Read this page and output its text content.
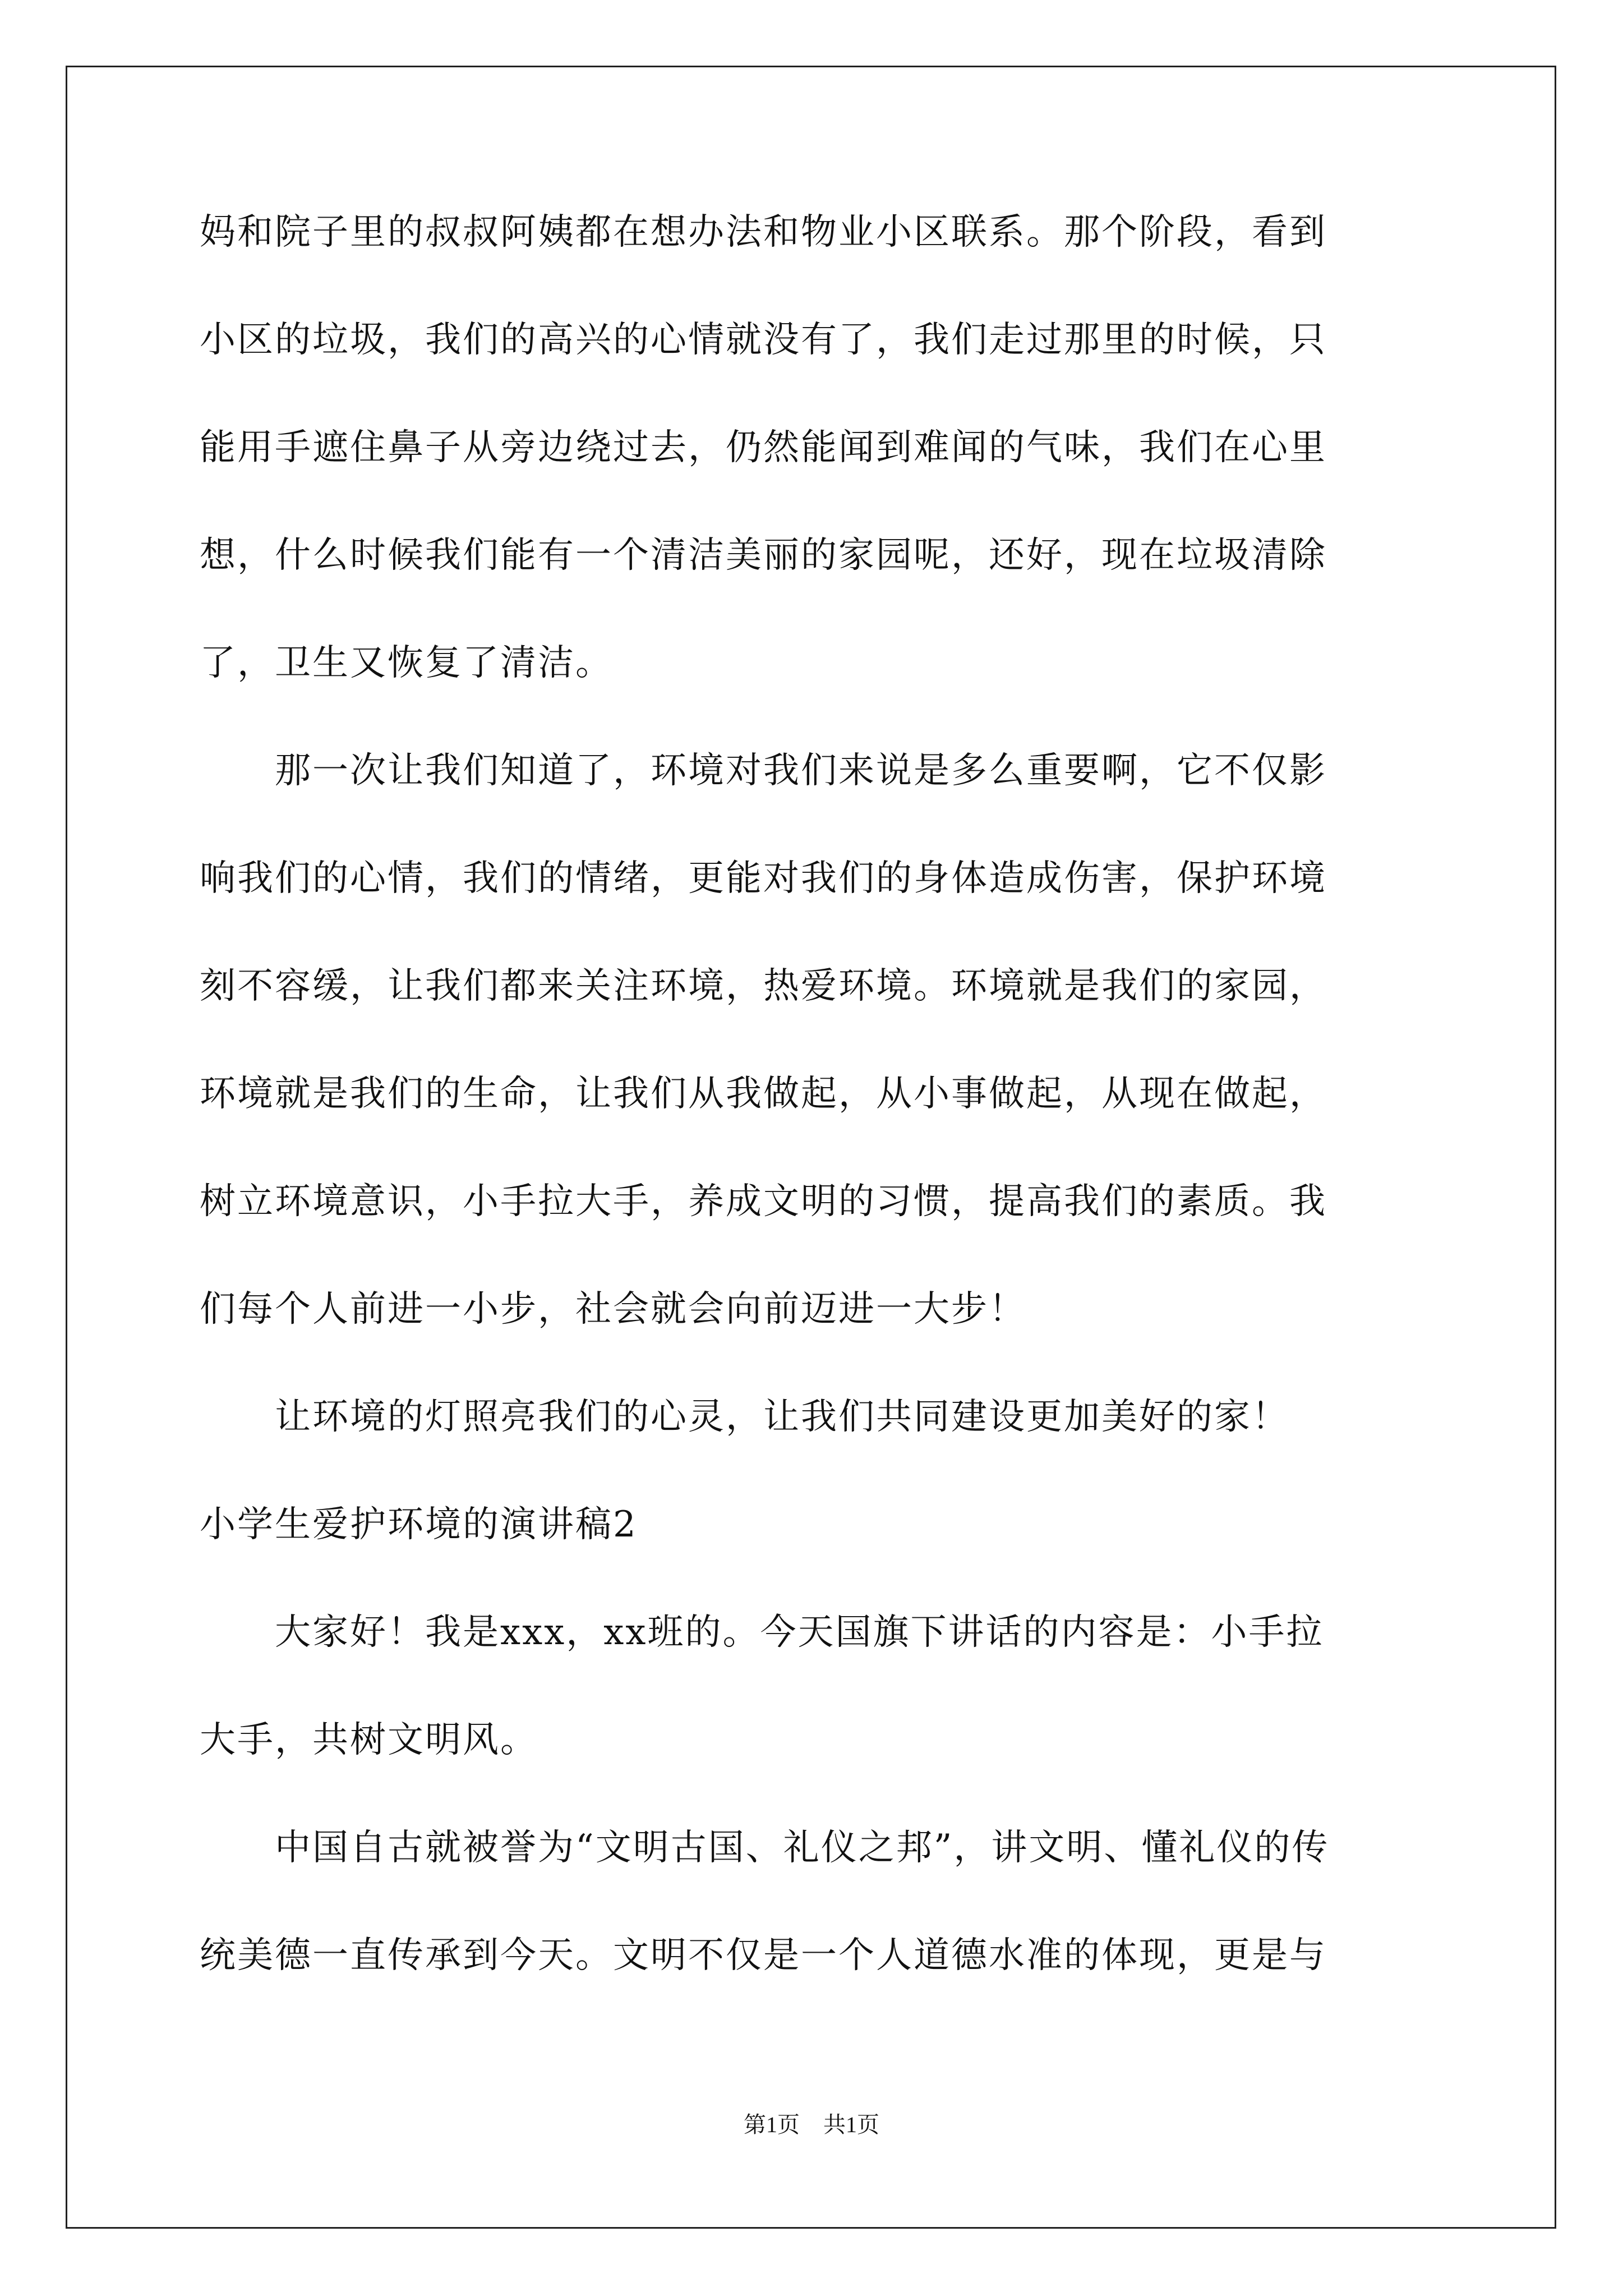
妈和院子里的叔叔阿姨都在想办法和物业小区联系。那个阶段，看到

小区的垃圾，我们的高兴的心情就没有了，我们走过那里的时候，只

能用手遮住鼻子从旁边绕过去，仍然能闻到难闻的气味，我们在心里

想，什么时候我们能有一个清洁美丽的家园呢，还好，现在垃圾清除

了，卫生又恢复了清洁。

　　那一次让我们知道了，环境对我们来说是多么重要啊，它不仅影

响我们的心情，我们的情绪，更能对我们的身体造成伤害，保护环境

刻不容缓，让我们都来关注环境，热爱环境。环境就是我们的家园，

环境就是我们的生命，让我们从我做起，从小事做起，从现在做起，

树立环境意识，小手拉大手，养成文明的习惯，提高我们的素质。我

们每个人前进一小步，社会就会向前迈进一大步！

　　让环境的灯照亮我们的心灵，让我们共同建设更加美好的家！

小学生爱护环境的演讲稿2

　　大家好！我是xxx，xx班的。今天国旗下讲话的内容是：小手拉

大手，共树文明风。

　　中国自古就被誉为“文明古国、礼仪之邦”，讲文明、懂礼仪的传

统美德一直传承到今天。文明不仅是一个人道德水准的体现，更是与

第1页 共1页
